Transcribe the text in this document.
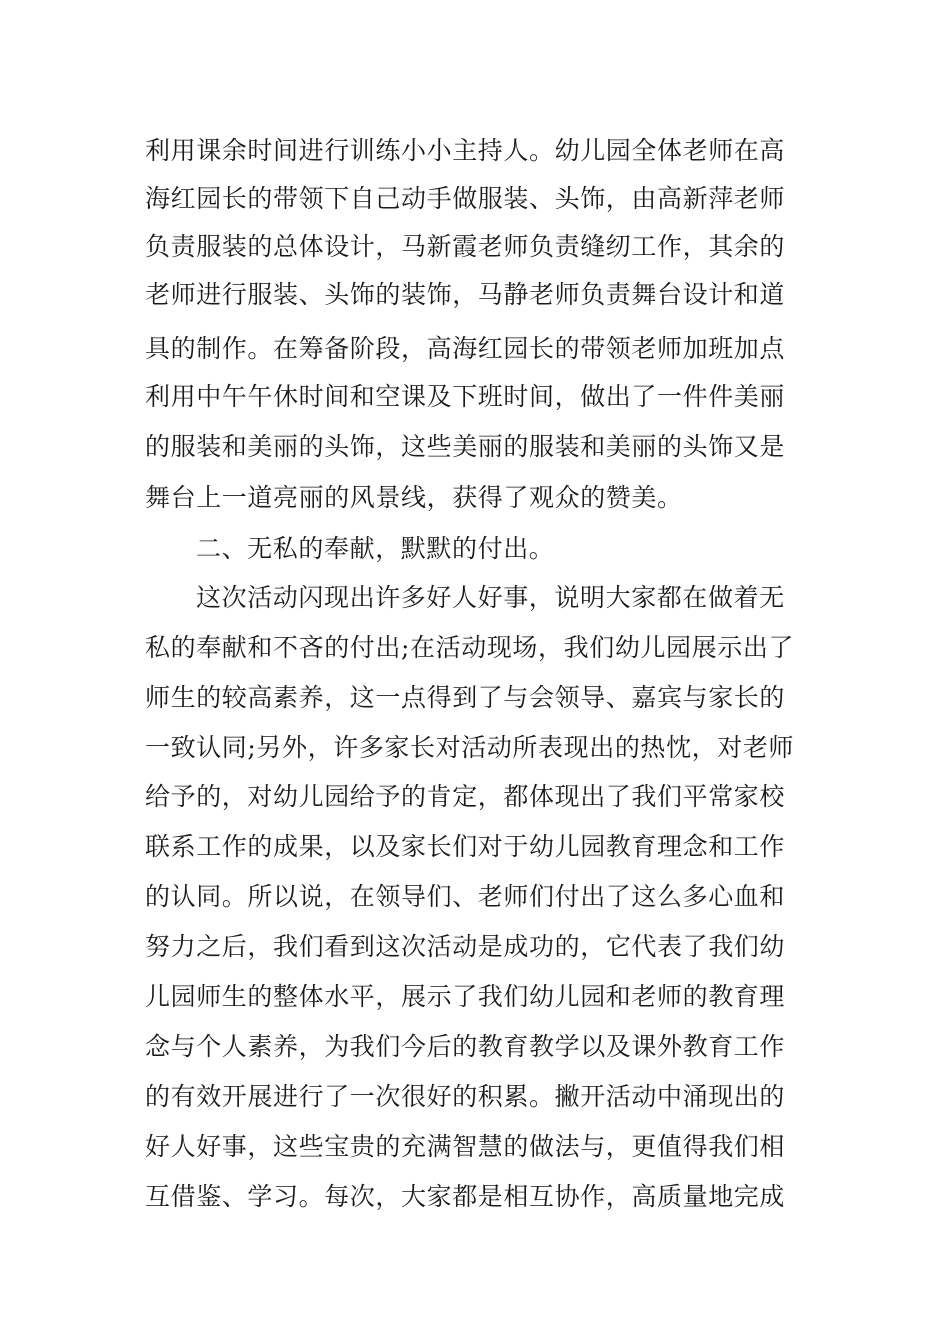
利用课余时间进行训练小小主持人。幼儿园全体老师在高
海红园长的带领下自己动手做服装、头饰，由高新萍老师
负责服装的总体设计，马新霞老师负责缝纫工作，其余的
老师进行服装、头饰的装饰，马静老师负责舞台设计和道
具的制作。在筹备阶段，高海红园长的带领老师加班加点
利用中午午休时间和空课及下班时间，做出了一件件美丽
的服装和美丽的头饰，这些美丽的服装和美丽的头饰又是
舞台上一道亮丽的风景线，获得了观众的赞美。
二、无私的奉献，默默的付出。
这次活动闪现出许多好人好事，说明大家都在做着无
私的奉献和不吝的付出;在活动现场，我们幼儿园展示出了
师生的较高素养，这一点得到了与会领导、嘉宾与家长的
一致认同;另外，许多家长对活动所表现出的热忱，对老师
给予的，对幼儿园给予的肯定，都体现出了我们平常家校
联系工作的成果，以及家长们对于幼儿园教育理念和工作
的认同。所以说，在领导们、老师们付出了这么多心血和
努力之后，我们看到这次活动是成功的，它代表了我们幼
儿园师生的整体水平，展示了我们幼儿园和老师的教育理
念与个人素养，为我们今后的教育教学以及课外教育工作
的有效开展进行了一次很好的积累。撇开活动中涌现出的
好人好事，这些宝贵的充满智慧的做法与，更值得我们相
互借鉴、学习。每次，大家都是相互协作，高质量地完成
